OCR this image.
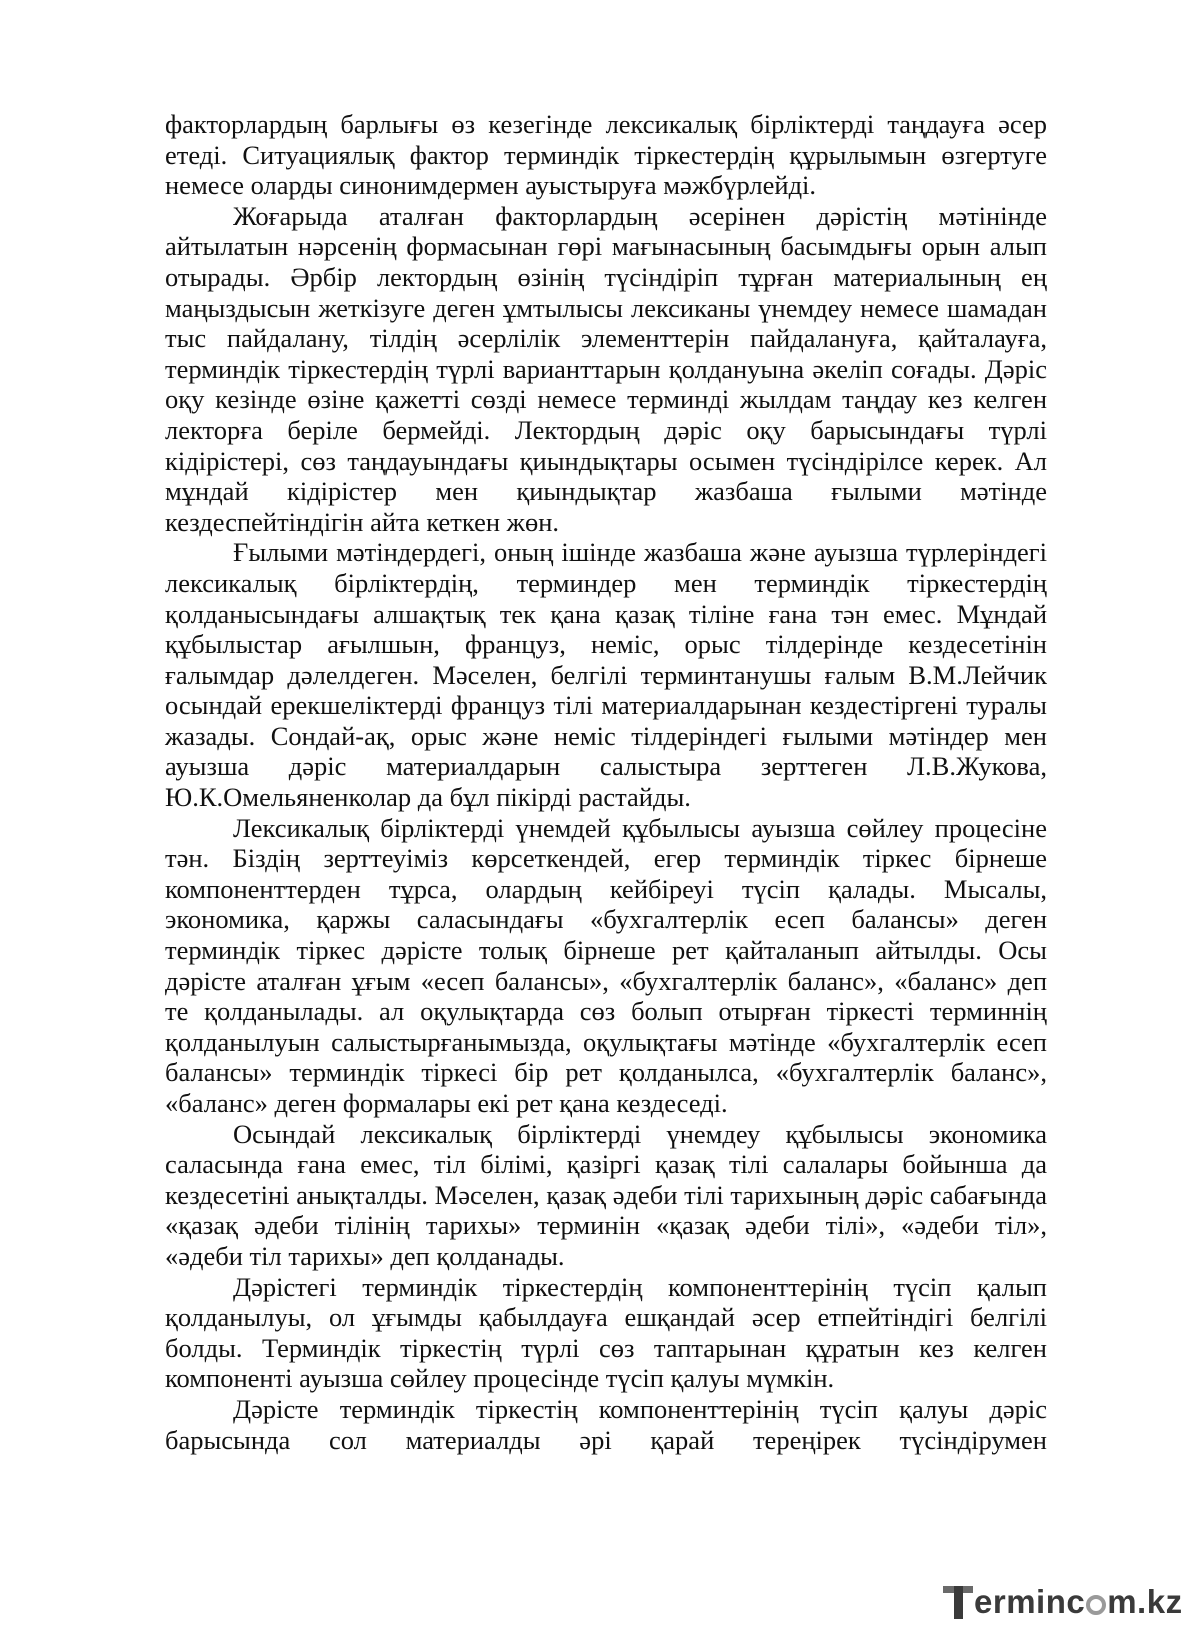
факторлардың барлығы өз кезегінде лексикалық бірліктерді таңдауға әсер етеді. Ситуациялық фактор терминдік тіркестердің құрылымын өзгертуге немесе оларды синонимдермен ауыстыруға мәжбүрлейді.

Жоғарыда аталған факторлардың әсерінен дәрістің мәтінінде айтылатын нәрсенің формасынан гөрі мағынасының басымдығы орын алып отырады. Әрбір лектордың өзінің түсіндіріп тұрған материалының ең маңыздысын жеткізуге деген ұмтылысы лексиканы үнемдеу немесе шамадан тыс пайдалану, тілдің әсерлілік элементтерін пайдалануға, қайталауға, терминдік тіркестердің түрлі варианттарын қолдануына әкеліп соғады. Дәріс оқу кезінде өзіне қажетті сөзді немесе терминді жылдам таңдау кез келген лекторға беріле бермейді. Лектордың дәріс оқу барысындағы түрлі кідірістері, сөз таңдауындағы қиындықтары осымен түсіндірілсе керек. Ал мұндай кідірістер мен қиындықтар жазбаша ғылыми мәтінде кездеспейтіндігін айта кеткен жөн.

Ғылыми мәтіндердегі, оның ішінде жазбаша және ауызша түрлеріндегі лексикалық бірліктердің, терминдер мен терминдік тіркестердің қолданысындағы алшақтық тек қана қазақ тіліне ғана тән емес. Мұндай құбылыстар ағылшын, француз, неміс, орыс тілдерінде кездесетінін ғалымдар дәлелдеген. Мәселен, белгілі терминтанушы ғалым В.М.Лейчик осындай ерекшеліктерді француз тілі материалдарынан кездестіргені туралы жазады. Сондай-ақ, орыс және неміс тілдеріндегі ғылыми мәтіндер мен ауызша дәріс материалдарын салыстыра зерттеген Л.В.Жукова, Ю.К.Омельяненколар да бұл пікірді растайды.

Лексикалық бірліктерді үнемдей құбылысы ауызша сөйлеу процесіне тән. Біздің зерттеуіміз көрсеткендей, егер терминдік тіркес бірнеше компоненттерден тұрса, олардың кейбіреуі түсіп қалады. Мысалы, экономика, қаржы саласындағы «бухгалтерлік есеп балансы» деген терминдік тіркес дәрісте толық бірнеше рет қайталанып айтылды. Осы дәрісте аталған ұғым «есеп балансы», «бухгалтерлік баланс», «баланс» деп те қолданылады. ал оқулықтарда сөз болып отырған тіркесті терминнің қолданылуын салыстырғанымызда, оқулықтағы мәтінде «бухгалтерлік есеп балансы» терминдік тіркесі бір рет қолданылса, «бухгалтерлік баланс», «баланс» деген формалары екі рет қана кездеседі.

Осындай лексикалық бірліктерді үнемдеу құбылысы экономика саласында ғана емес, тіл білімі, қазіргі қазақ тілі салалары бойынша да кездесетіні анықталды. Мәселен, қазақ әдеби тілі тарихының дәріс сабағында «қазақ әдеби тілінің тарихы» терминін «қазақ әдеби тілі», «әдеби тіл», «әдеби тіл тарихы» деп қолданады.

Дәрістегі терминдік тіркестердің компоненттерінің түсіп қалып қолданылуы, ол ұғымды қабылдауға ешқандай әсер етпейтіндігі белгілі болды. Терминдік тіркестің түрлі сөз таптарынан құратын кез келген компоненті ауызша сөйлеу процесінде түсіп қалуы мүмкін.

Дәрісте терминдік тіркестің компоненттерінің түсіп қалуы дәріс барысында сол материалды әрі қарай тереңірек түсіндірумен

erminc m.kz
